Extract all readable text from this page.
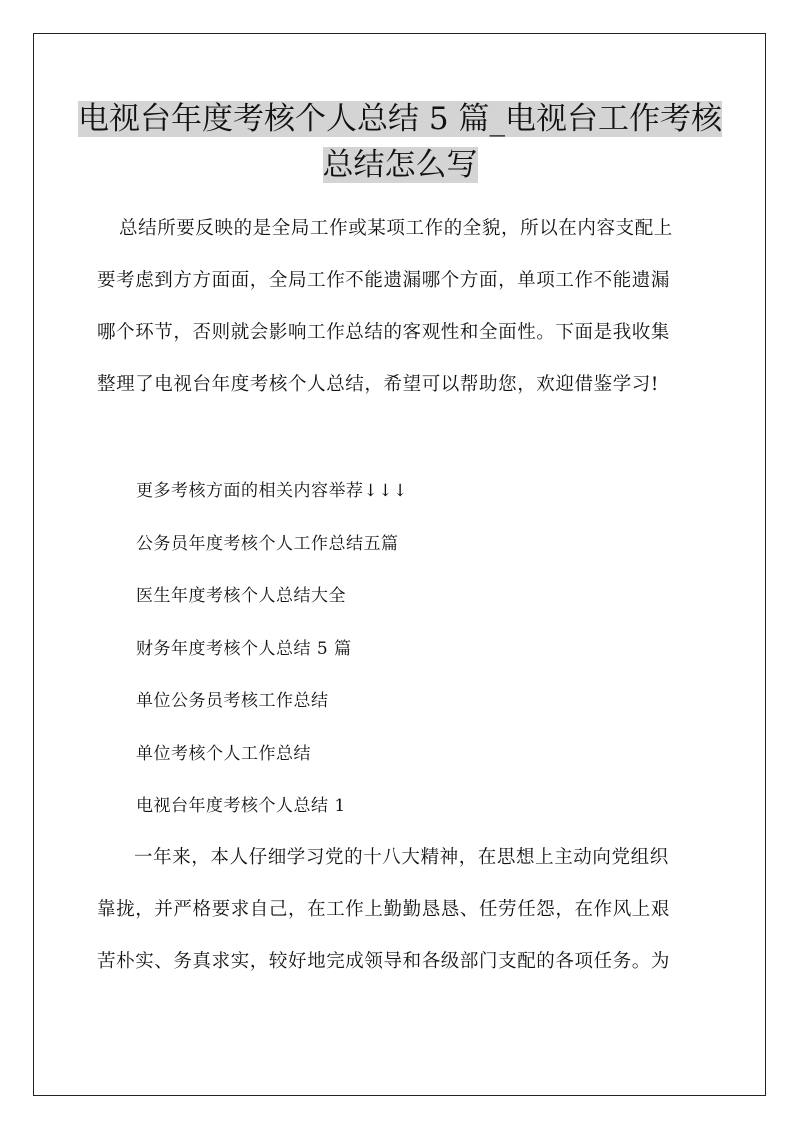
电视台年度考核个人总结 5 篇_电视台工作考核
总结怎么写

总结所要反映的是全局工作或某项工作的全貌，所以在内容支配上
要考虑到方方面面，全局工作不能遗漏哪个方面，单项工作不能遗漏
哪个环节，否则就会影响工作总结的客观性和全面性。下面是我收集
整理了电视台年度考核个人总结，希望可以帮助您，欢迎借鉴学习!

更多考核方面的相关内容举荐↓↓↓
公务员年度考核个人工作总结五篇
医生年度考核个人总结大全
财务年度考核个人总结 5 篇
单位公务员考核工作总结
单位考核个人工作总结
电视台年度考核个人总结 1

一年来，本人仔细学习党的十八大精神，在思想上主动向党组织
靠拢，并严格要求自己，在工作上勤勤恳恳、任劳任怨，在作风上艰
苦朴实、务真求实，较好地完成领导和各级部门支配的各项任务。为
